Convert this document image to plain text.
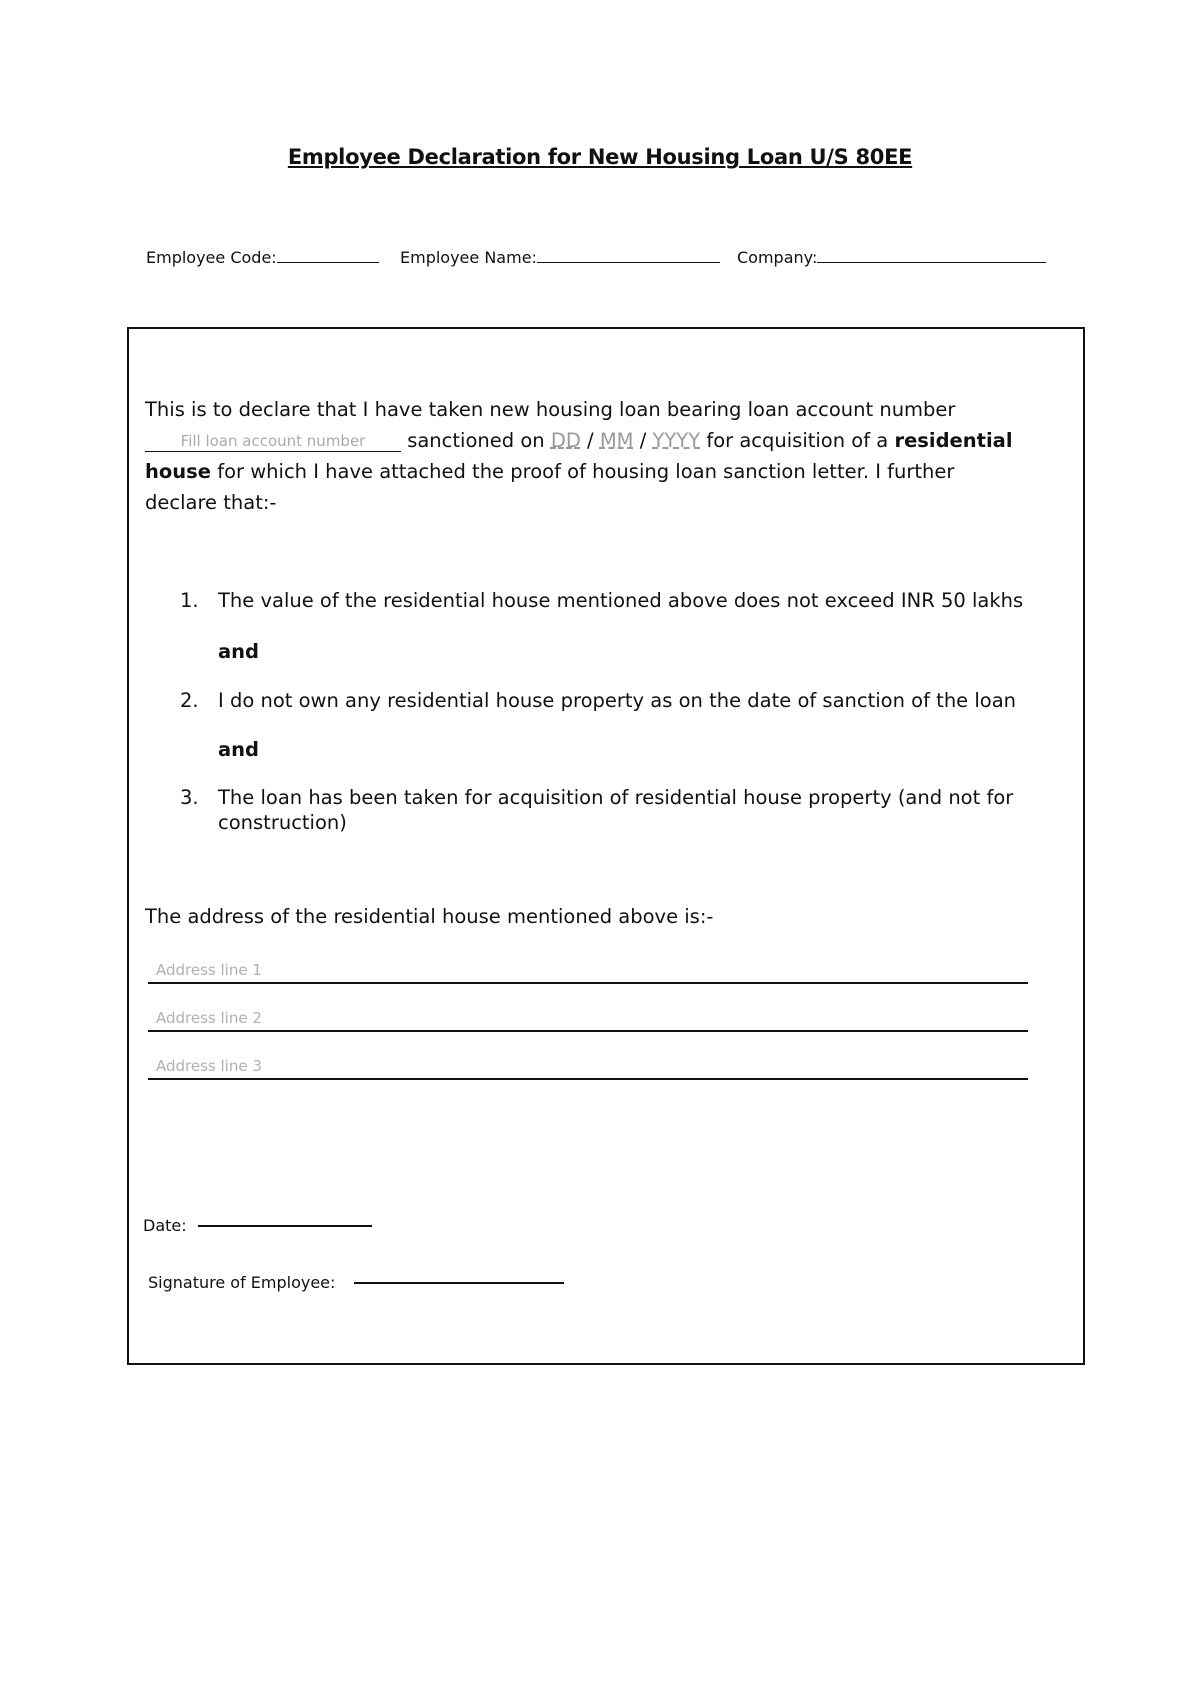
Employee Declaration for New Housing Loan U/S 80EE
Employee Code:	Employee Name:	Company:

This is to declare that I have taken new housing loan bearing loan account number

Fill loan account number sanctioned on DD / MM / YYYY for acquisition of a residential

house for which I have attached the proof of housing loan sanction letter. I further

declare that:-

1. The value of the residential house mentioned above does not exceed INR 50 lakhs
and
2. I do not own any residential house property as on the date of sanction of the loan
and
3. The loan has been taken for acquisition of residential house property (and not for
construction)
The address of the residential house mentioned above is:-
Address line 1
Address line 2
Address line 3
Date:
Signature of Employee:
